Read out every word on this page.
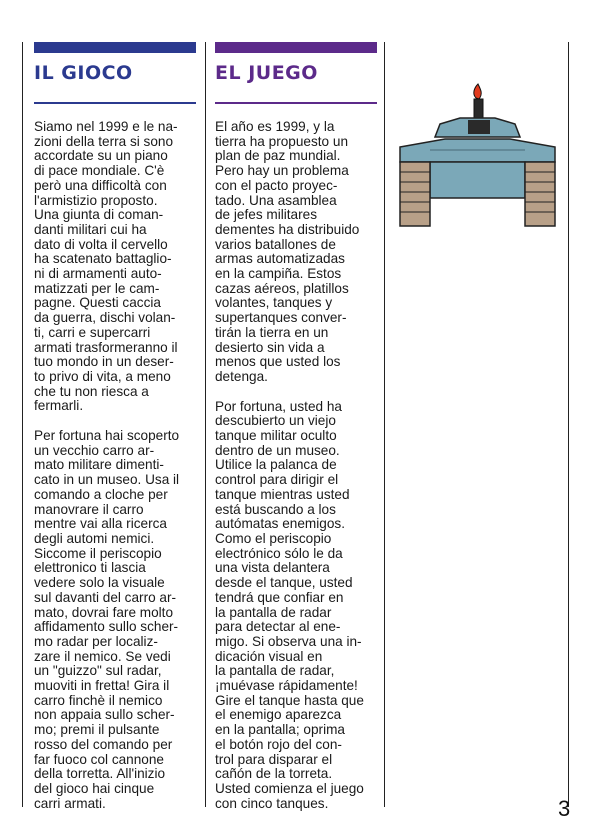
IL GIOCO

Siamo nel 1999 e le na-
zioni della terra si sono
accordate su un piano
di pace mondiale. C'è
però una difficoltà con
l'armistizio proposto.
Una giunta di coman-
danti militari cui ha
dato di volta il cervello
ha scatenato battaglio-
ni di armamenti auto-
matizzati per le cam-
pagne. Questi caccia
da guerra, dischi volan-
ti, carri e supercarri
armati trasformeranno il
tuo mondo in un deser-
to privo di vita, a meno
che tu non riesca a
fermarli.

Per fortuna hai scoperto
un vecchio carro ar-
mato militare dimenti-
cato in un museo. Usa il
comando a cloche per
manovrare il carro
mentre vai alla ricerca
degli automi nemici.
Siccome il periscopio
elettronico ti lascia
vedere solo la visuale
sul davanti del carro ar-
mato, dovrai fare molto
affidamento sullo scher-
mo radar per localiz-
zare il nemico. Se vedi
un "guizzo" sul radar,
muoviti in fretta! Gira il
carro finchè il nemico
non appaia sullo scher-
mo; premi il pulsante
rosso del comando per
far fuoco col cannone
della torretta. All'inizio
del gioco hai cinque
carri armati.

EL JUEGO

El año es 1999, y la
tierra ha propuesto un
plan de paz mundial.
Pero hay un problema
con el pacto proyec-
tado. Una asamblea
de jefes militares
dementes ha distribuido
varios batallones de
armas automatizadas
en la campiña. Estos
cazas aéreos, platillos
volantes, tanques y
supertanques conver-
tirán la tierra en un
desierto sin vida a
menos que usted los
detenga.

Por fortuna, usted ha
descubierto un viejo
tanque militar oculto
dentro de un museo.
Utilice la palanca de
control para dirigir el
tanque mientras usted
está buscando a los
autómatas enemigos.
Como el periscopio
electrónico sólo le da
una vista delantera
desde el tanque, usted
tendrá que confiar en
la pantalla de radar
para detectar al ene-
migo. Si observa una in-
dicación visual en
la pantalla de radar,
¡muévase rápidamente!
Gire el tanque hasta que
el enemigo aparezca
en la pantalla; oprima
el botón rojo del con-
trol para disparar el
cañón de la torreta.
Usted comienza el juego
con cinco tanques.	3
